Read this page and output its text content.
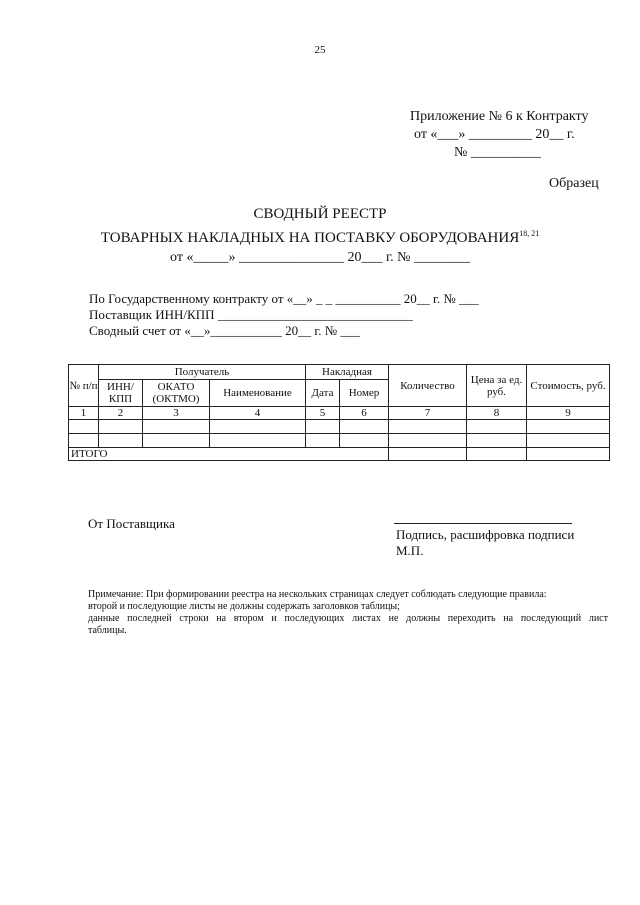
25
Приложение № 6 к Контракту
от «___» _________ 20__ г.
№ __________
Образец
СВОДНЫЙ РЕЕСТР
ТОВАРНЫХ НАКЛАДНЫХ НА ПОСТАВКУ ОБОРУДОВАНИЯ$^{18, 21}$
от «_____» _______________ 20___ г. № ________
По Государственному контракту от «__» _ _ __________ 20__ г. № ___
Поставщик ИНН/КПП ______________________________
Сводный счет от «__»___________ 20__ г. № ___
№ п/п	Получатель			Накладная		Количество	Цена за ед. руб.	Стоимость, руб.
	ИНН/ КПП	ОКАТО (ОКТМО)	Наименование	Дата	Номер			
1	2	3	4	5	6	7	8	9

ИТОГО								
От Поставщика
Подпись, расшифровка подписи
М.П.
Примечание: При формировании реестра на нескольких страницах следует соблюдать следующие правила:
второй и последующие листы не должны содержать заголовков таблицы;
данные последней строки на втором и последующих листах не должны переходить на последующий лист
таблицы.
